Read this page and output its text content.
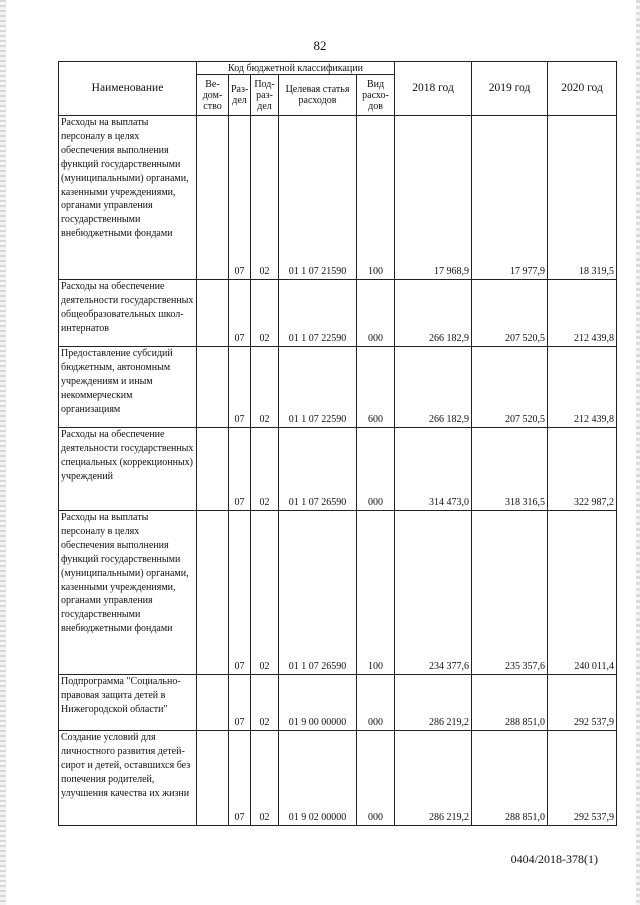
82
Наименование	Код бюджетной классификации					2018 год	2019 год	2020 год
	Ве-дом-ство	Раз-дел	Под-раз-дел	Целевая статья расходов	Вид расхо-дов			
Расходы на выплаты персоналу в целях обеспечения выполнения функций государственными (муниципальными) органами, казенными учреждениями, органами управления государственными внебюджетными фондами		07	02	01 1 07 21590	100	17 968,9	17 977,9	18 319,5
Расходы на обеспечение деятельности государственных общеобразовательных школ-интернатов		07	02	01 1 07 22590	000	266 182,9	207 520,5	212 439,8
Предоставление субсидий бюджетным, автономным учреждениям и иным некоммерческим организациям		07	02	01 1 07 22590	600	266 182,9	207 520,5	212 439,8
Расходы на обеспечение деятельности государственных специальных (коррекционных) учреждений		07	02	01 1 07 26590	000	314 473,0	318 316,5	322 987,2
Расходы на выплаты персоналу в целях обеспечения выполнения функций государственными (муниципальными) органами, казенными учреждениями, органами управления государственными внебюджетными фондами		07	02	01 1 07 26590	100	234 377,6	235 357,6	240 011,4
Подпрограмма "Социально-правовая защита детей в Нижегородской области"		07	02	01 9 00 00000	000	286 219,2	288 851,0	292 537,9
Создание условий для личностного развития детей-сирот и детей, оставшихся без попечения родителей, улучшения качества их жизни		07	02	01 9 02 00000	000	286 219,2	288 851,0	292 537,9
0404/2018-378(1)
